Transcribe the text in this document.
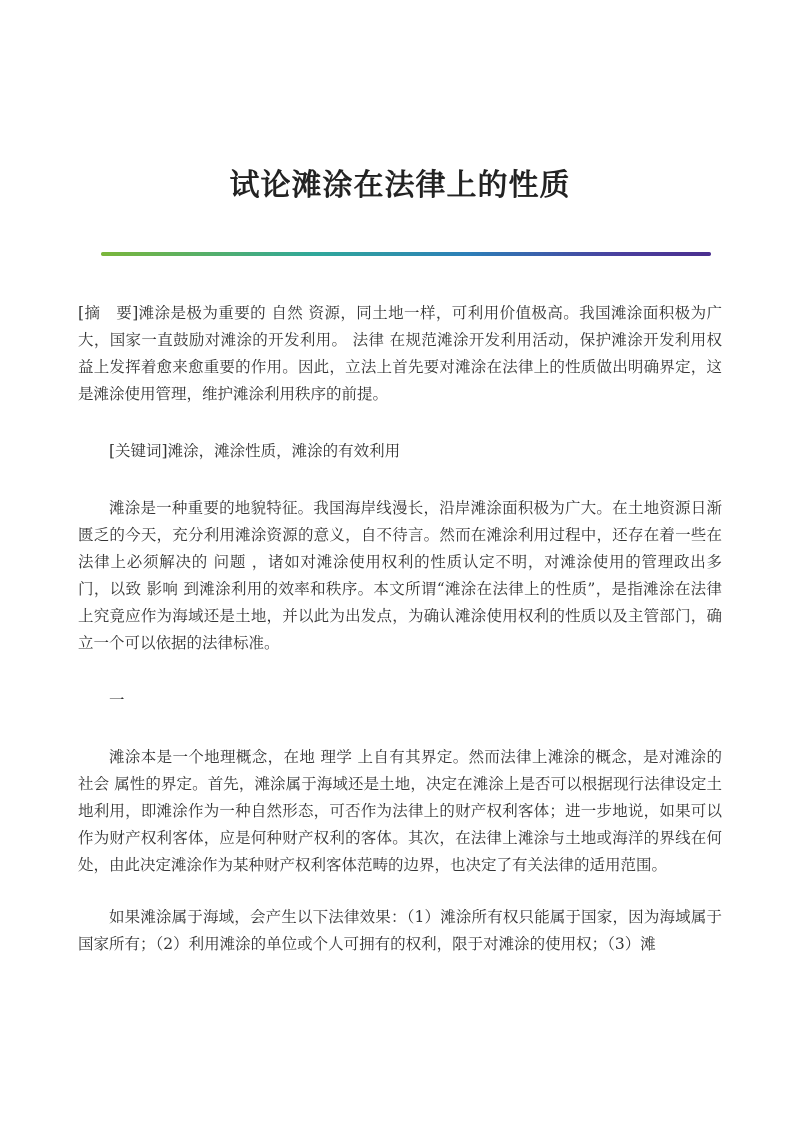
试论滩涂在法律上的性质

[摘　要]滩涂是极为重要的 自然 资源，同土地一样，可利用价值极高。我国滩涂面积极为广大，国家一直鼓励对滩涂的开发利用。 法律 在规范滩涂开发利用活动，保护滩涂开发利用权益上发挥着愈来愈重要的作用。因此，立法上首先要对滩涂在法律上的性质做出明确界定，这是滩涂使用管理，维护滩涂利用秩序的前提。

[关键词]滩涂，滩涂性质，滩涂的有效利用

滩涂是一种重要的地貌特征。我国海岸线漫长，沿岸滩涂面积极为广大。在土地资源日渐匮乏的今天，充分利用滩涂资源的意义，自不待言。然而在滩涂利用过程中，还存在着一些在法律上必须解决的 问题 ，诸如对滩涂使用权利的性质认定不明，对滩涂使用的管理政出多门，以致 影响 到滩涂利用的效率和秩序。本文所谓“滩涂在法律上的性质”，是指滩涂在法律上究竟应作为海域还是土地，并以此为出发点，为确认滩涂使用权利的性质以及主管部门，确立一个可以依据的法律标准。

一

滩涂本是一个地理概念，在地 理学 上自有其界定。然而法律上滩涂的概念，是对滩涂的 社会 属性的界定。首先，滩涂属于海域还是土地，决定在滩涂上是否可以根据现行法律设定土地利用，即滩涂作为一种自然形态，可否作为法律上的财产权利客体；进一步地说，如果可以作为财产权利客体，应是何种财产权利的客体。其次，在法律上滩涂与土地或海洋的界线在何处，由此决定滩涂作为某种财产权利客体范畴的边界，也决定了有关法律的适用范围。

如果滩涂属于海域，会产生以下法律效果：（1）滩涂所有权只能属于国家，因为海域属于国家所有；（2）利用滩涂的单位或个人可拥有的权利，限于对滩涂的使用权；（3）滩
